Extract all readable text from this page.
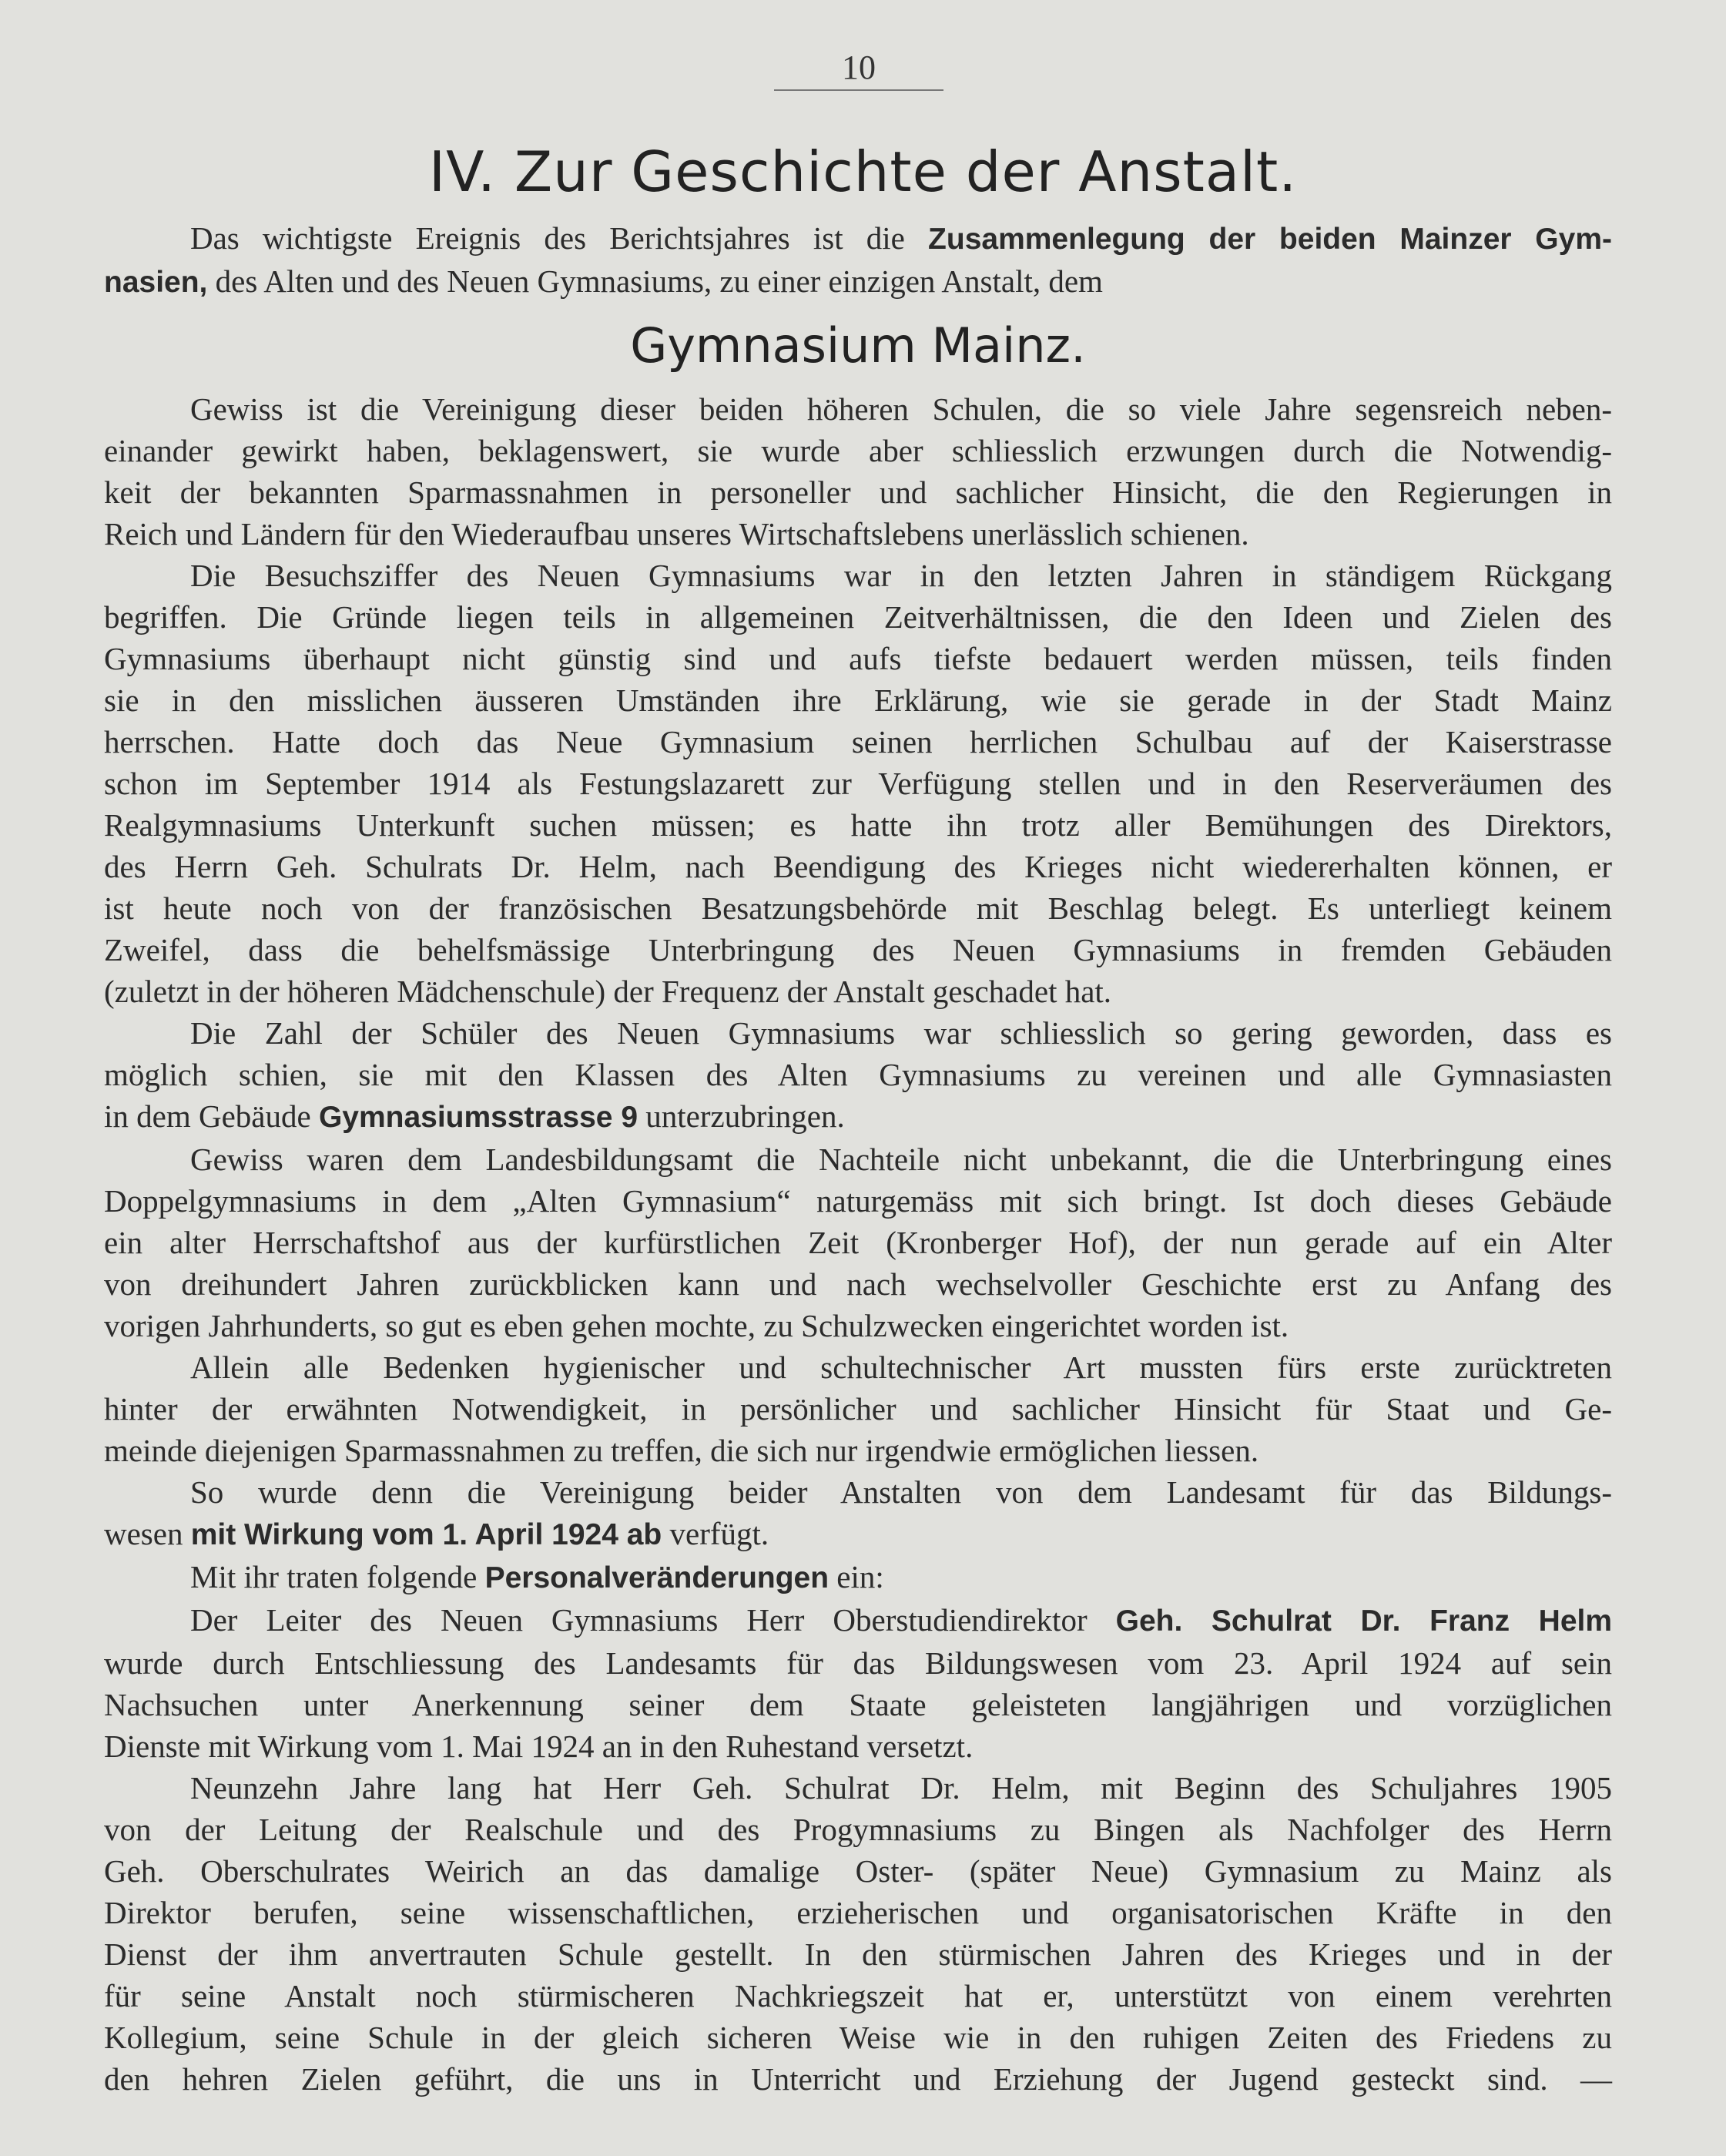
10
IV. Zur Geschichte der Anstalt.
Das wichtigste Ereignis des Berichtsjahres ist die Zusammenlegung der beiden Mainzer Gym-
nasien, des Alten und des Neuen Gymnasiums, zu einer einzigen Anstalt, dem
Gymnasium Mainz.
Gewiss ist die Vereinigung dieser beiden höheren Schulen, die so viele Jahre segensreich neben-
einander gewirkt haben, beklagenswert, sie wurde aber schliesslich erzwungen durch die Notwendig-
keit der bekannten Sparmassnahmen in personeller und sachlicher Hinsicht, die den Regierungen in
Reich und Ländern für den Wiederaufbau unseres Wirtschaftslebens unerlässlich schienen.
Die Besuchsziffer des Neuen Gymnasiums war in den letzten Jahren in ständigem Rückgang
begriffen. Die Gründe liegen teils in allgemeinen Zeitverhältnissen, die den Ideen und Zielen des
Gymnasiums überhaupt nicht günstig sind und aufs tiefste bedauert werden müssen, teils finden
sie in den misslichen äusseren Umständen ihre Erklärung, wie sie gerade in der Stadt Mainz
herrschen. Hatte doch das Neue Gymnasium seinen herrlichen Schulbau auf der Kaiserstrasse
schon im September 1914 als Festungslazarett zur Verfügung stellen und in den Reserveräumen des
Realgymnasiums Unterkunft suchen müssen; es hatte ihn trotz aller Bemühungen des Direktors,
des Herrn Geh. Schulrats Dr. Helm, nach Beendigung des Krieges nicht wiedererhalten können, er
ist heute noch von der französischen Besatzungsbehörde mit Beschlag belegt. Es unterliegt keinem
Zweifel, dass die behelfsmässige Unterbringung des Neuen Gymnasiums in fremden Gebäuden
(zuletzt in der höheren Mädchenschule) der Frequenz der Anstalt geschadet hat.
Die Zahl der Schüler des Neuen Gymnasiums war schliesslich so gering geworden, dass es
möglich schien, sie mit den Klassen des Alten Gymnasiums zu vereinen und alle Gymnasiasten
in dem Gebäude Gymnasiumsstrasse 9 unterzubringen.
Gewiss waren dem Landesbildungsamt die Nachteile nicht unbekannt, die die Unterbringung eines
Doppelgymnasiums in dem „Alten Gymnasium“ naturgemäss mit sich bringt. Ist doch dieses Gebäude
ein alter Herrschaftshof aus der kurfürstlichen Zeit (Kronberger Hof), der nun gerade auf ein Alter
von dreihundert Jahren zurückblicken kann und nach wechselvoller Geschichte erst zu Anfang des
vorigen Jahrhunderts, so gut es eben gehen mochte, zu Schulzwecken eingerichtet worden ist.
Allein alle Bedenken hygienischer und schultechnischer Art mussten fürs erste zurücktreten
hinter der erwähnten Notwendigkeit, in persönlicher und sachlicher Hinsicht für Staat und Ge-
meinde diejenigen Sparmassnahmen zu treffen, die sich nur irgendwie ermöglichen liessen.
So wurde denn die Vereinigung beider Anstalten von dem Landesamt für das Bildungs-
wesen mit Wirkung vom 1. April 1924 ab verfügt.
Mit ihr traten folgende Personalveränderungen ein:
Der Leiter des Neuen Gymnasiums Herr Oberstudiendirektor Geh. Schulrat Dr. Franz Helm
wurde durch Entschliessung des Landesamts für das Bildungswesen vom 23. April 1924 auf sein
Nachsuchen unter Anerkennung seiner dem Staate geleisteten langjährigen und vorzüglichen
Dienste mit Wirkung vom 1. Mai 1924 an in den Ruhestand versetzt.
Neunzehn Jahre lang hat Herr Geh. Schulrat Dr. Helm, mit Beginn des Schuljahres 1905
von der Leitung der Realschule und des Progymnasiums zu Bingen als Nachfolger des Herrn
Geh. Oberschulrates Weirich an das damalige Oster- (später Neue) Gymnasium zu Mainz als
Direktor berufen, seine wissenschaftlichen, erzieherischen und organisatorischen Kräfte in den
Dienst der ihm anvertrauten Schule gestellt. In den stürmischen Jahren des Krieges und in der
für seine Anstalt noch stürmischeren Nachkriegszeit hat er, unterstützt von einem verehrten
Kollegium, seine Schule in der gleich sicheren Weise wie in den ruhigen Zeiten des Friedens zu
den hehren Zielen geführt, die uns in Unterricht und Erziehung der Jugend gesteckt sind. —
